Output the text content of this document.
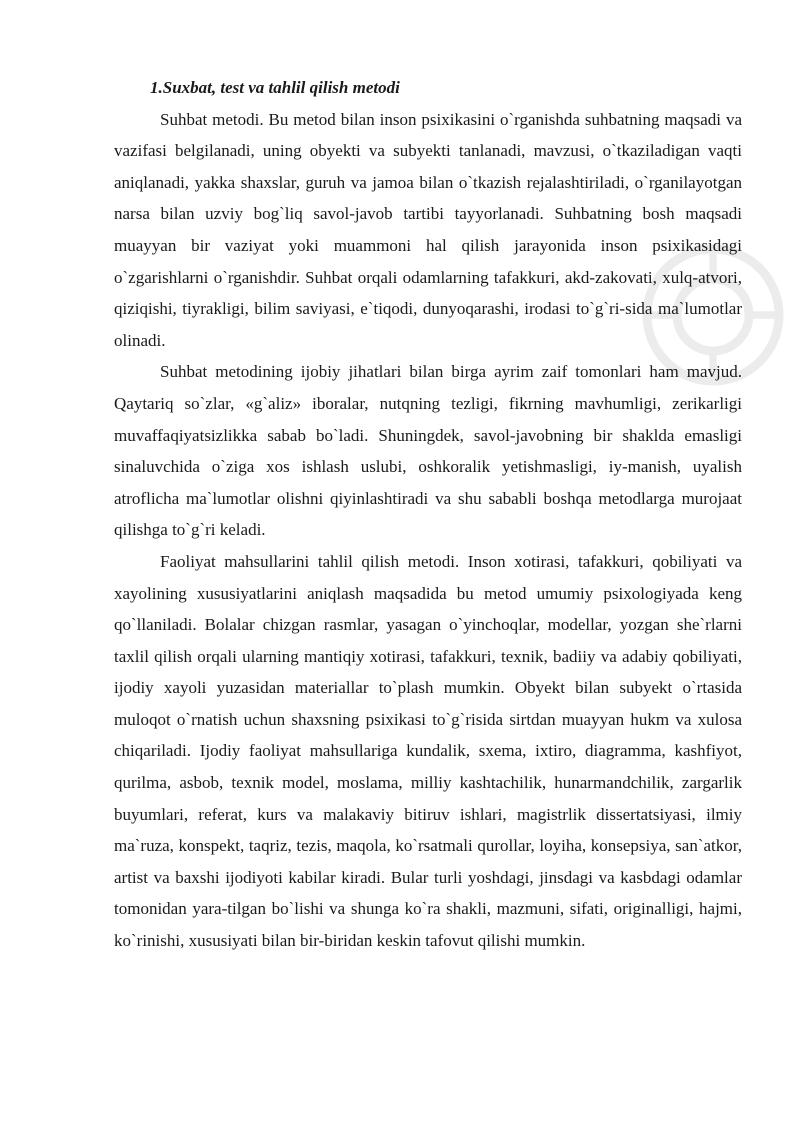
1.Suxbat, test va tahlil qilish metodi

Suhbat metodi. Bu metod bilan inson psixikasini o`rganishda suhbatning maqsadi va vazifasi belgilanadi, uning obyekti va subyekti tanlanadi, mavzusi, o`tkaziladigan vaqti aniqlanadi, yakka shaxslar, guruh va jamoa bilan o`tkazish rejalashtiriladi, o`rganilayotgan narsa bilan uzviy bog`liq savol-javob tartibi tayyorlanadi. Suhbatning bosh maqsadi muayyan bir vaziyat yoki muammoni hal qilish jarayonida inson psixikasidagi o`zgarishlarni o`rganishdir. Suhbat orqali odamlarning tafakkuri, akd-zakovati, xulq-atvori, qiziqishi, tiyrakligi, bilim saviyasi, e`tiqodi, dunyoqarashi, irodasi to`g`ri-sida ma`lumotlar olinadi.

Suhbat metodining ijobiy jihatlari bilan birga ayrim zaif tomonlari ham mavjud. Qaytariq so`zlar, «g`aliz» iboralar, nutqning tezligi, fikrning mavhumligi, zerikarligi muvaffaqiyatsizlikka sabab bo`ladi. Shuningdek, savol-javobning bir shaklda emasligi sinaluvchida o`ziga xos ishlash uslubi, oshkoralik yetishmasligi, iy-manish, uyalish atroflicha ma`lumotlar olishni qiyinlashtiradi va shu sababli boshqa metodlarga murojaat qilishga to`g`ri keladi.

Faoliyat mahsullarini tahlil qilish metodi. Inson xotirasi, tafakkuri, qobiliyati va xayolining xususiyatlarini aniqlash maqsadida bu metod umumiy psixologiyada keng qo`llaniladi. Bolalar chizgan rasmlar, yasagan o`yinchoqlar, modellar, yozgan she`rlarni taxlil qilish orqali ularning mantiqiy xotirasi, tafakkuri, texnik, badiiy va adabiy qobiliyati, ijodiy xayoli yuzasidan materiallar to`plash mumkin. Obyekt bilan subyekt o`rtasida muloqot o`rnatish uchun shaxsning psixikasi to`g`risida sirtdan muayyan hukm va xulosa chiqariladi. Ijodiy faoliyat mahsullariga kundalik, sxema, ixtiro, diagramma, kashfiyot, qurilma, asbob, texnik model, moslama, milliy kashtachilik, hunarmandchilik, zargarlik buyumlari, referat, kurs va malakaviy bitiruv ishlari, magistrlik dissertatsiyasi, ilmiy ma`ruza, konspekt, taqriz, tezis, maqola, ko`rsatmali qurollar, loyiha, konsepsiya, san`atkor, artist va baxshi ijodiyoti kabilar kiradi. Bular turli yoshdagi, jinsdagi va kasbdagi odamlar tomonidan yara-tilgan bo`lishi va shunga ko`ra shakli, mazmuni, sifati, originalligi, hajmi, ko`rinishi, xususiyati bilan bir-biridan keskin tafovut qilishi mumkin.
